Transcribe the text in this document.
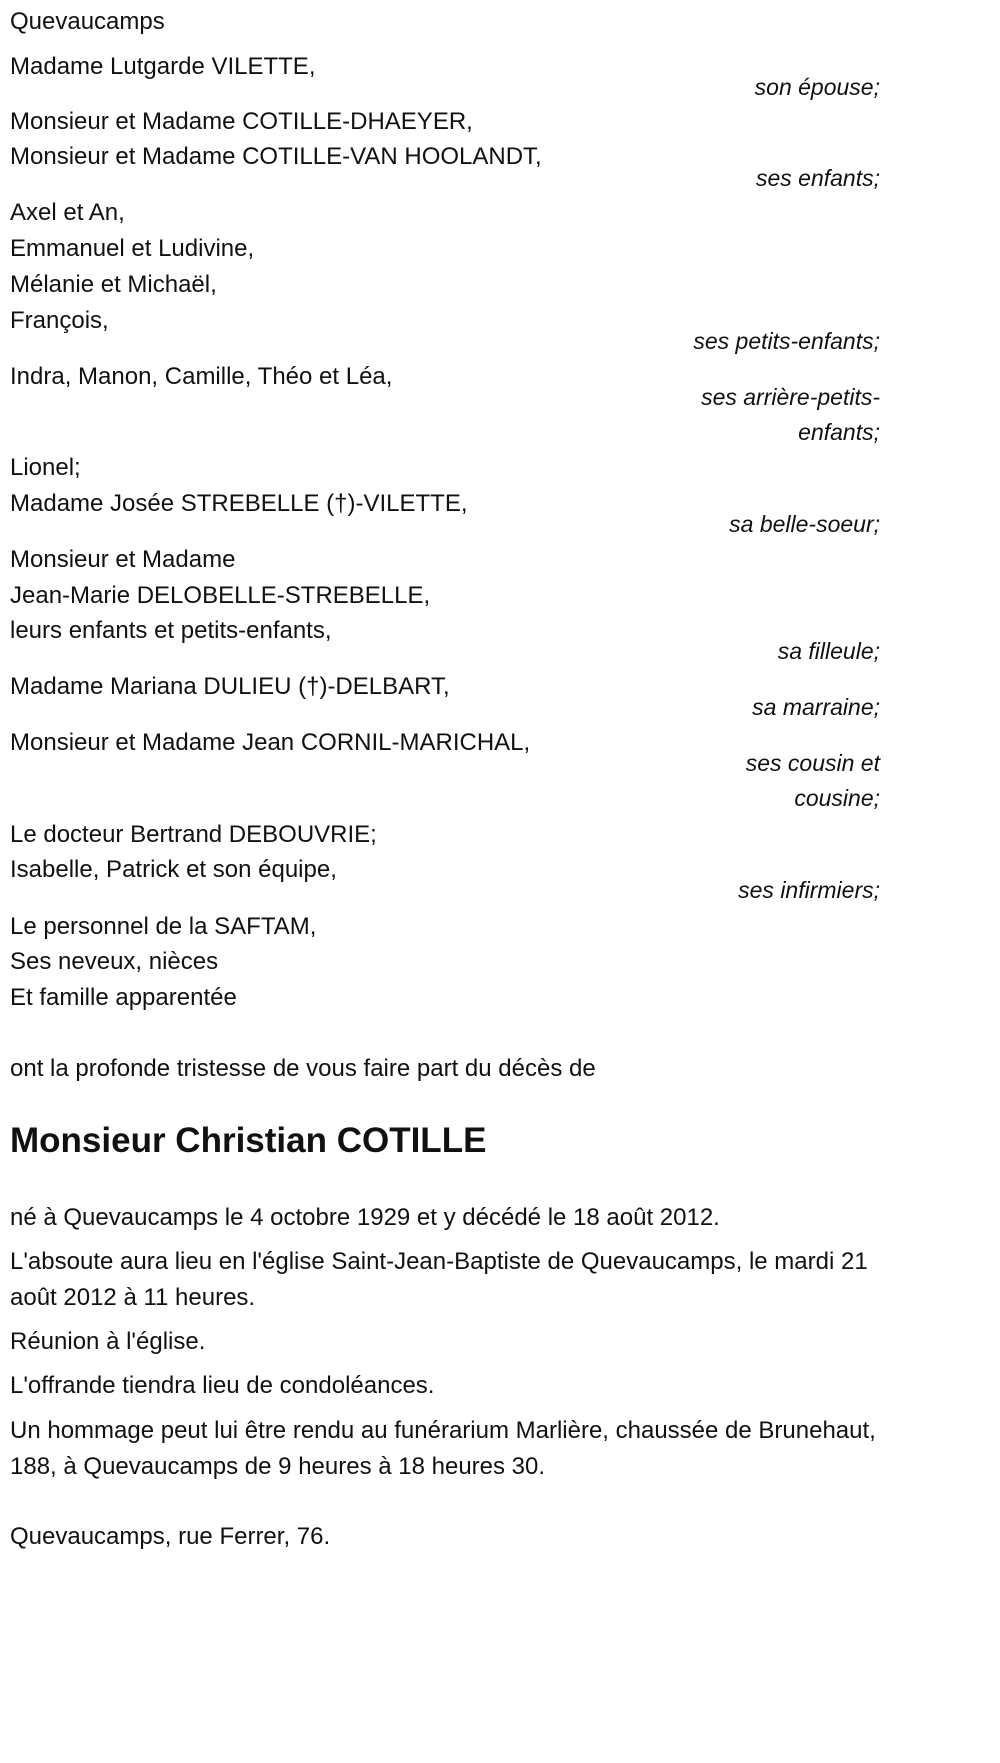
Quevaucamps
Madame Lutgarde VILETTE,
son épouse;
Monsieur et Madame COTILLE-DHAEYER,
Monsieur et Madame COTILLE-VAN HOOLANDT,
ses enfants;
Axel et An,
Emmanuel et Ludivine,
Mélanie et Michaël,
François,
ses petits-enfants;
Indra, Manon, Camille, Théo et Léa,
ses arrière-petits-enfants;
Lionel;
Madame Josée STREBELLE (†)-VILETTE,
sa belle-soeur;
Monsieur et Madame
Jean-Marie DELOBELLE-STREBELLE,
leurs enfants et petits-enfants,
sa filleule;
Madame Mariana DULIEU (†)-DELBART,
sa marraine;
Monsieur et Madame Jean CORNIL-MARICHAL,
ses cousin et cousine;
Le docteur Bertrand DEBOUVRIE;
Isabelle, Patrick et son équipe,
ses infirmiers;
Le personnel de la SAFTAM,
Ses neveux, nièces
Et famille apparentée
ont la profonde tristesse de vous faire part du décès de
Monsieur Christian COTILLE
né à Quevaucamps le 4 octobre 1929 et y décédé le 18 août 2012.
L'absoute aura lieu en l'église Saint-Jean-Baptiste de Quevaucamps, le mardi 21 août 2012 à 11 heures.
Réunion à l'église.
L'offrande tiendra lieu de condoléances.
Un hommage peut lui être rendu au funérarium Marlière, chaussée de Brunehaut, 188, à Quevaucamps de 9 heures à 18 heures 30.
Quevaucamps, rue Ferrer, 76.
